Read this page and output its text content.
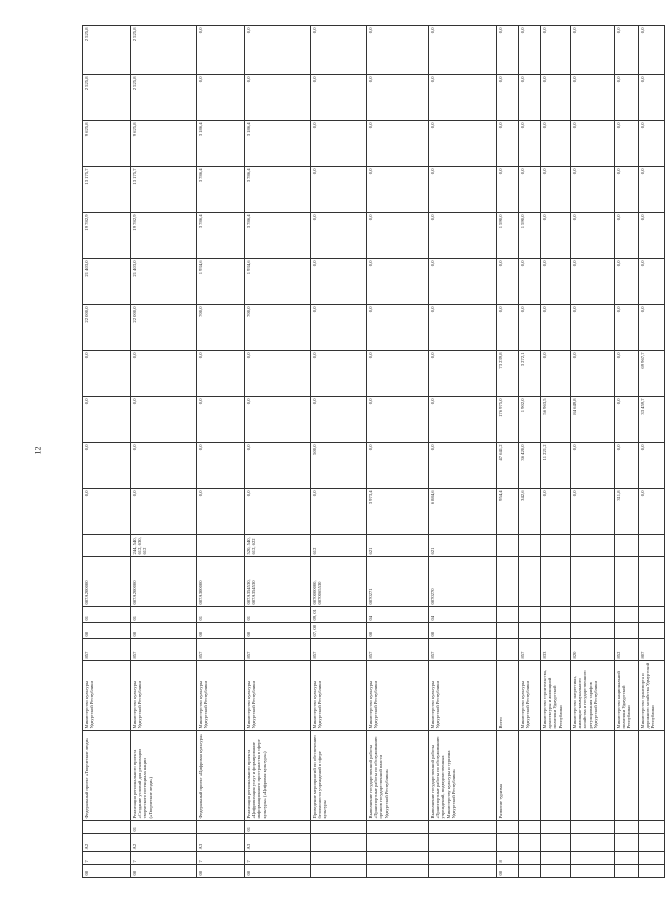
12
08	7	А2		Федеральный проект «Творческие люди»	Министерство культуры Удмуртской Республики	857	08	01	087А200000		0,0	0,0	0,0	0,0	22 000,0	21 403,0	19 782,9	13 175,7	9 625,8	2 525,8	2 525,8
08	7	А2	01	Реализация регионального проекта «Создание условий для реализации творческого потенциала нации («Творческие люди»)	Министерство культуры Удмуртской Республики	857	08	01	087А200000	244, 540, 612, 630, 612	0,0	0,0	0,0	0,0	22 000,0	21 403,0	19 782,9	13 175,7	9 625,8	2 525,8	2 525,8
08	7	А3		Федеральный проект «Цифровая культура»	Министерство культуры Удмуртской Республики	857	08	01	087А300000		0,0	0,0	0,0	0,0	700,0	1 934,6	3 786,4	3 786,4	3 186,4	0,0	0,0
08	7	А3	01	Реализация регионального проекта «Цифровизация услуг и формирование информационного пространства в сфере культуры» («Цифровая культура»)	Министерство культуры Удмуртской Республики	857	08	01	087А354530, 087А354530	520, 540, 612, 622	0,0	0,0	0,0	0,0	700,0	1 934,6	3 786,4	3 786,4	3 186,4	0,0	0,0
				Проведение мероприятий по обеспечению безопасности учреждений в сфере культуры	Министерство культуры Удмуртской Республики	857	07, 08	09, 01	0870000000, 0870065530	612	0,0	500,0	0,0	0,0	0,0	0,0	0,0	0,0	0,0	0,0	0,0
				Выполнение государственной работы «Транспортные работы по обслуживанию органов государственной власти Удмуртской Республики»	Министерство культуры Удмуртской Республики	857	08	04	0870271	621	3 973,4	0,0	0,0	0,0	0,0	0,0	0,0	0,0	0,0	0,0	0,0
				Выполнение государственной работы «Транспортные работы по обслуживанию учреждений, подведомственных Министерству культуры и туризма Удмуртской Республики»	Министерство культуры Удмуртской Республики	857	08	04	0870270	621	6 884,6	0,0	0,0	0,0	0,0	0,0	0,0	0,0	0,0	0,0	0,0
08	8			Развитие туризма	Всего						954,4	47 641,2	176 975,0	73 239,8	0,0	0,0	1 590,0	0,0	0,0	0,0	0,0
					Министерство культуры Удмуртской Республики	857					342,6	36 420,0	1 902,0	3 272,1	0,0	0,0	1 590,0	0,0	0,0	0,0	0,0
					Министерство строительства, архитектуры и жилищной политики Удмуртской Республики	833					0,0	11 221,2	56 963,5	0,0	0,0	0,0	0,0	0,0	0,0	0,0	0,0
					Министерство энергетики, жилищно-коммунального хозяйства и государственного регулирования тарифов Удмуртской Республики	820					0,0	0,0	84 649,8	0,0	0,0	0,0	0,0	0,0	0,0	0,0	0,0
					Министерство национальной политики Удмуртской Республики	852					311,8	0,0	0,0	0,0	0,0	0,0	0,0	0,0	0,0	0,0	0,0
					Министерство транспорта и дорожного хозяйства Удмуртской Республики	807					0,0	0,0	33 459,7	69 967,7	0,0	0,0	0,0	0,0	0,0	0,0	0,0
